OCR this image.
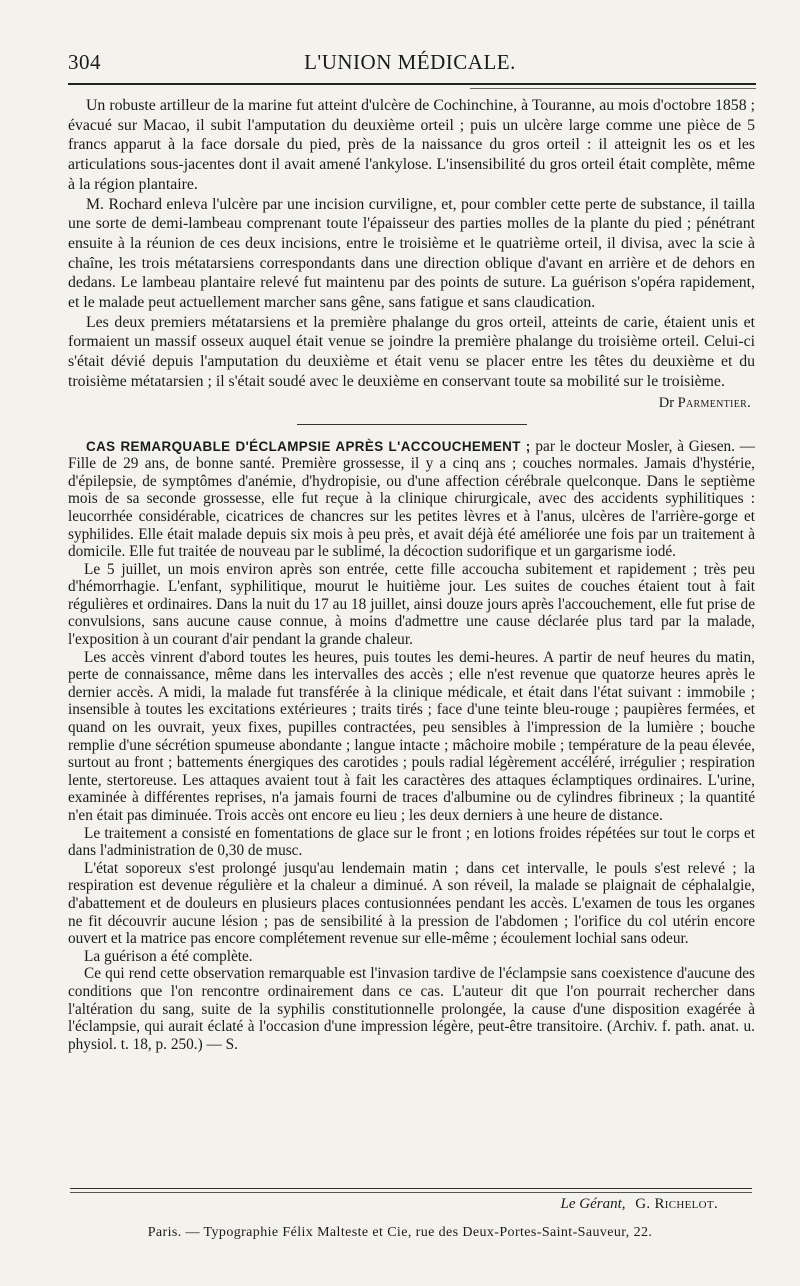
304	L'UNION MÉDICALE.

Un robuste artilleur de la marine fut atteint d'ulcère de Cochinchine, à Touranne, au mois d'octobre 1858 ; évacué sur Macao, il subit l'amputation du deuxième orteil ; puis un ulcère large comme une pièce de 5 francs apparut à la face dorsale du pied, près de la naissance du gros orteil : il atteignit les os et les articulations sous-jacentes dont il avait amené l'ankylose. L'insensibilité du gros orteil était complète, même à la région plantaire.

M. Rochard enleva l'ulcère par une incision curviligne, et, pour combler cette perte de substance, il tailla une sorte de demi-lambeau comprenant toute l'épaisseur des parties molles de la plante du pied ; pénétrant ensuite à la réunion de ces deux incisions, entre le troisième et le quatrième orteil, il divisa, avec la scie à chaîne, les trois métatarsiens correspondants dans une direction oblique d'avant en arrière et de dehors en dedans. Le lambeau plantaire relevé fut maintenu par des points de suture. La guérison s'opéra rapidement, et le malade peut actuellement marcher sans gêne, sans fatigue et sans claudication.

Les deux premiers métatarsiens et la première phalange du gros orteil, atteints de carie, étaient unis et formaient un massif osseux auquel était venue se joindre la première phalange du troisième orteil. Celui-ci s'était dévié depuis l'amputation du deuxième et était venu se placer entre les têtes du deuxième et du troisième métatarsien ; il s'était soudé avec le deuxième en conservant toute sa mobilité sur le troisième.

Dr Parmentier.

CAS REMARQUABLE D'ÉCLAMPSIE APRÈS L'ACCOUCHEMENT ; par le docteur Mosler, à Giesen. — Fille de 29 ans, de bonne santé. Première grossesse, il y a cinq ans ; couches normales. Jamais d'hystérie, d'épilepsie, de symptômes d'anémie, d'hydropisie, ou d'une affection cérébrale quelconque. Dans le septième mois de sa seconde grossesse, elle fut reçue à la clinique chirurgicale, avec des accidents syphilitiques : leucorrhée considérable, cicatrices de chancres sur les petites lèvres et à l'anus, ulcères de l'arrière-gorge et syphilides. Elle était malade depuis six mois à peu près, et avait déjà été améliorée une fois par un traitement à domicile. Elle fut traitée de nouveau par le sublimé, la décoction sudorifique et un gargarisme iodé.

Le 5 juillet, un mois environ après son entrée, cette fille accoucha subitement et rapidement ; très peu d'hémorrhagie. L'enfant, syphilitique, mourut le huitième jour. Les suites de couches étaient tout à fait régulières et ordinaires. Dans la nuit du 17 au 18 juillet, ainsi douze jours après l'accouchement, elle fut prise de convulsions, sans aucune cause connue, à moins d'admettre une cause déclarée plus tard par la malade, l'exposition à un courant d'air pendant la grande chaleur.

Les accès vinrent d'abord toutes les heures, puis toutes les demi-heures. A partir de neuf heures du matin, perte de connaissance, même dans les intervalles des accès ; elle n'est revenue que quatorze heures après le dernier accès. A midi, la malade fut transférée à la clinique médicale, et était dans l'état suivant : immobile ; insensible à toutes les excitations extérieures ; traits tirés ; face d'une teinte bleu-rouge ; paupières fermées, et quand on les ouvrait, yeux fixes, pupilles contractées, peu sensibles à l'impression de la lumière ; bouche remplie d'une sécrétion spumeuse abondante ; langue intacte ; mâchoire mobile ; température de la peau élevée, surtout au front ; battements énergiques des carotides ; pouls radial légèrement accéléré, irrégulier ; respiration lente, stertoreuse. Les attaques avaient tout à fait les caractères des attaques éclamptiques ordinaires. L'urine, examinée à différentes reprises, n'a jamais fourni de traces d'albumine ou de cylindres fibrineux ; la quantité n'en était pas diminuée. Trois accès ont encore eu lieu ; les deux derniers à une heure de distance.

Le traitement a consisté en fomentations de glace sur le front ; en lotions froides répétées sur tout le corps et dans l'administration de 0,30 de musc.

L'état soporeux s'est prolongé jusqu'au lendemain matin ; dans cet intervalle, le pouls s'est relevé ; la respiration est devenue régulière et la chaleur a diminué. A son réveil, la malade se plaignait de céphalalgie, d'abattement et de douleurs en plusieurs places contusionnées pendant les accès. L'examen de tous les organes ne fit découvrir aucune lésion ; pas de sensibilité à la pression de l'abdomen ; l'orifice du col utérin encore ouvert et la matrice pas encore complétement revenue sur elle-même ; écoulement lochial sans odeur.

La guérison a été complète.

Ce qui rend cette observation remarquable est l'invasion tardive de l'éclampsie sans coexistence d'aucune des conditions que l'on rencontre ordinairement dans ce cas. L'auteur dit que l'on pourrait rechercher dans l'altération du sang, suite de la syphilis constitutionnelle prolongée, la cause d'une disposition exagérée à l'éclampsie, qui aurait éclaté à l'occasion d'une impression légère, peut-être transitoire. (Archiv. f. path. anat. u. physiol. t. 18, p. 250.) — S.

Le Gérant, G. Richelot.
Paris. — Typographie Félix Malteste et Cie, rue des Deux-Portes-Saint-Sauveur, 22.
